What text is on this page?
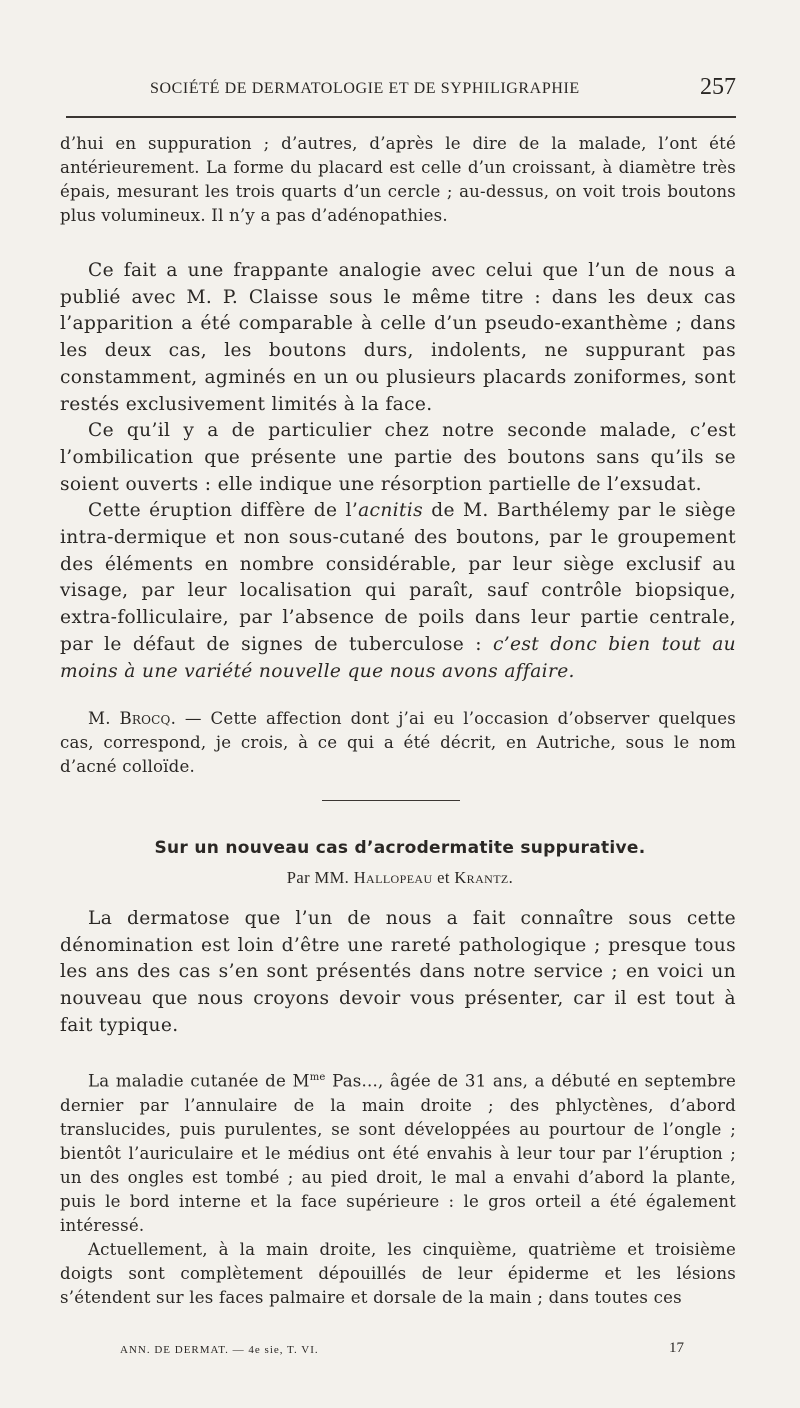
SOCIÉTÉ DE DERMATOLOGIE ET DE SYPHILIGRAPHIE	257

d’hui en suppuration ; d’autres, d’après le dire de la malade, l’ont été antérieurement. La forme du placard est celle d’un croissant, à diamètre très épais, mesurant les trois quarts d’un cercle ; au-dessus, on voit trois boutons plus volumineux. Il n’y a pas d’adénopathies.

Ce fait a une frappante analogie avec celui que l’un de nous a publié avec M. P. Claisse sous le même titre : dans les deux cas l’apparition a été comparable à celle d’un pseudo-exanthème ; dans les deux cas, les boutons durs, indolents, ne suppurant pas constamment, agminés en un ou plusieurs placards zoniformes, sont restés exclusivement limités à la face.

Ce qu’il y a de particulier chez notre seconde malade, c’est l’ombilication que présente une partie des boutons sans qu’ils se soient ouverts : elle indique une résorption partielle de l’exsudat.

Cette éruption diffère de l’acnitis de M. Barthélemy par le siège intra-dermique et non sous-cutané des boutons, par le groupement des éléments en nombre considérable, par leur siège exclusif au visage, par leur localisation qui paraît, sauf contrôle biopsique, extra-folliculaire, par l’absence de poils dans leur partie centrale, par le défaut de signes de tuberculose : c’est donc bien tout au moins à une variété nouvelle que nous avons affaire.

M. Brocq. — Cette affection dont j’ai eu l’occasion d’observer quelques cas, correspond, je crois, à ce qui a été décrit, en Autriche, sous le nom d’acné colloïde.

Sur un nouveau cas d’acrodermatite suppurative.
Par MM. Hallopeau et Krantz.

La dermatose que l’un de nous a fait connaître sous cette dénomination est loin d’être une rareté pathologique ; presque tous les ans des cas s’en sont présentés dans notre service ; en voici un nouveau que nous croyons devoir vous présenter, car il est tout à fait typique.

La maladie cutanée de $M^{me}$ Pas..., âgée de 31 ans, a débuté en septembre dernier par l’annulaire de la main droite ; des phlyctènes, d’abord translucides, puis purulentes, se sont développées au pourtour de l’ongle ; bientôt l’auriculaire et le médius ont été envahis à leur tour par l’éruption ; un des ongles est tombé ; au pied droit, le mal a envahi d’abord la plante, puis le bord interne et la face supérieure : le gros orteil a été également intéressé.

Actuellement, à la main droite, les cinquième, quatrième et troisième doigts sont complètement dépouillés de leur épiderme et les lésions s’étendent sur les faces palmaire et dorsale de la main ; dans toutes ces

ANN. DE DERMAT. — 4e sie, T. VI.	17
